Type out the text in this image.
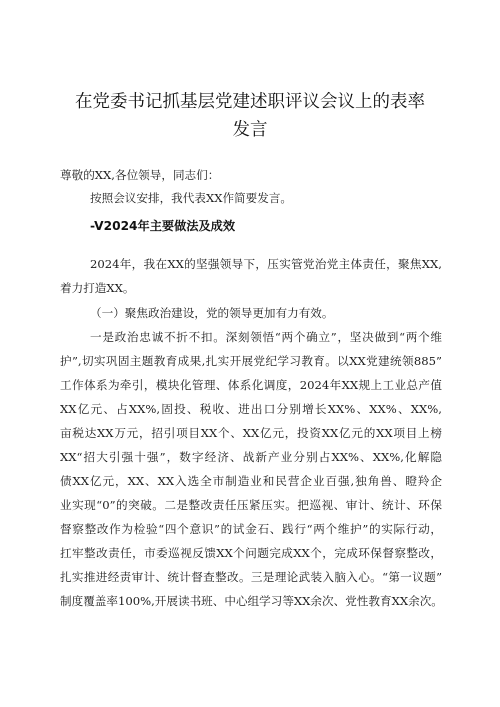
在党委书记抓基层党建述职评议会议上的表率
发言
尊敬的XX,各位领导，同志们：
按照会议安排，我代表XX作简要发言。
-V2024年主要做法及成效
2024年，我在XX的坚强领导下，压实管党治党主体责任，聚焦XX,
着力打造XX。
（一）聚焦政治建设，党的领导更加有力有效。
一是政治忠诚不折不扣。深刻领悟“两个确立”，坚决做到“两个维
护”,切实巩固主题教育成果,扎实开展党纪学习教育。以XX党建统领885”
工作体系为牵引，模块化管理、体系化调度，2024年XX规上工业总产值
XX亿元、占XX%,固投、税收、进出口分别增长XX%、XX%、XX%,
亩税达XX万元，招引项目XX个、XX亿元，投资XX亿元的XX项目上榜
XX“招大引强十强”，数字经济、战新产业分别占XX%、XX%,化解隐
债XX亿元，XX、XX入选全市制造业和民营企业百强,独角兽、瞪羚企
业实现“0”的突破。二是整改责任压紧压实。把巡视、审计、统计、环保
督察整改作为检验“四个意识”的试金石、践行“两个维护”的实际行动，
扛牢整改责任，市委巡视反馈XX个问题完成XX个，完成环保督察整改，
扎实推进经责审计、统计督查整改。三是理论武装入脑入心。“第一议题”
制度覆盖率100%,开展读书班、中心组学习等XX余次、党性教育XX余次。
